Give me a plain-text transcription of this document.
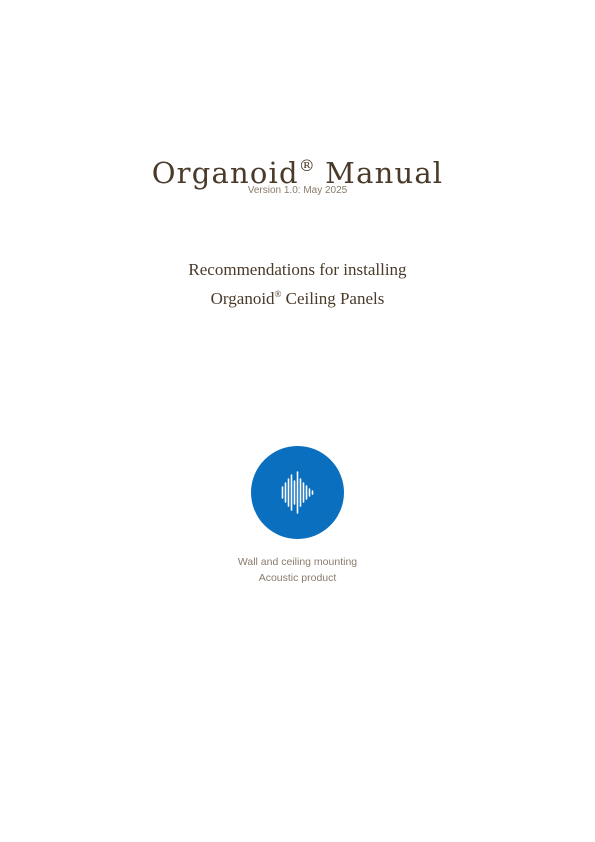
Organoid® Manual
Version 1.0: May 2025
Recommendations for installing
Organoid® Ceiling Panels
Wall and ceiling mounting
Acoustic product
